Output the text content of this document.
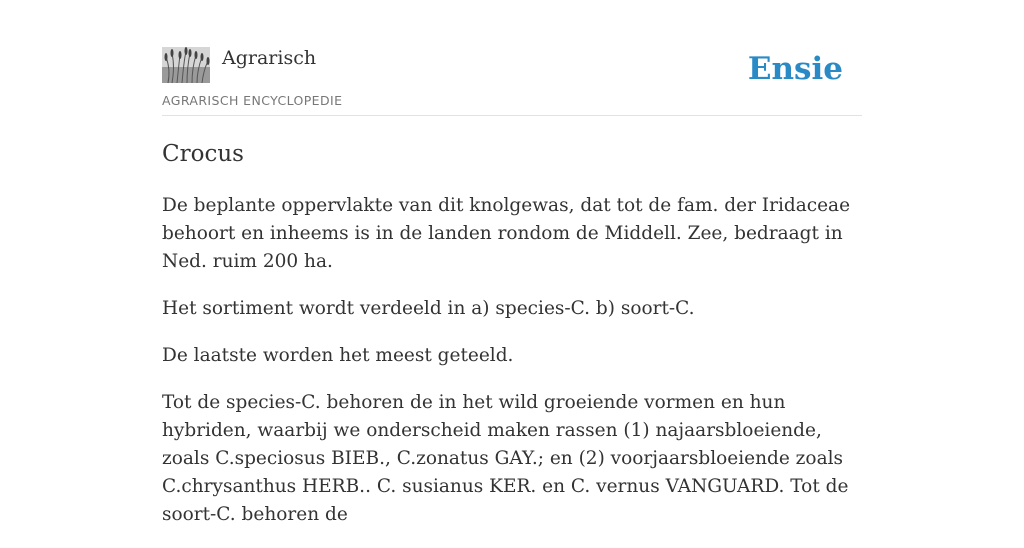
Agrarisch
AGRARISCH ENCYCLOPEDIE
Ensie
Crocus

De beplante oppervlakte van dit knolgewas, dat tot de fam. der Iridaceae behoort en inheems is in de landen rondom de Middell. Zee, bedraagt in Ned. ruim 200 ha.

Het sortiment wordt verdeeld in a) species-C. b) soort-C.

De laatste worden het meest geteeld.

Tot de species-C. behoren de in het wild groeiende vormen en hun hybriden, waarbij we onderscheid maken rassen (1) najaarsbloeiende, zoals C.speciosus BIEB., C.zonatus GAY.; en (2) voorjaarsbloeiende zoals C.chrysanthus HERB.. C. susianus KER. en C. vernus VANGUARD. Tot de soort-C. behoren de
